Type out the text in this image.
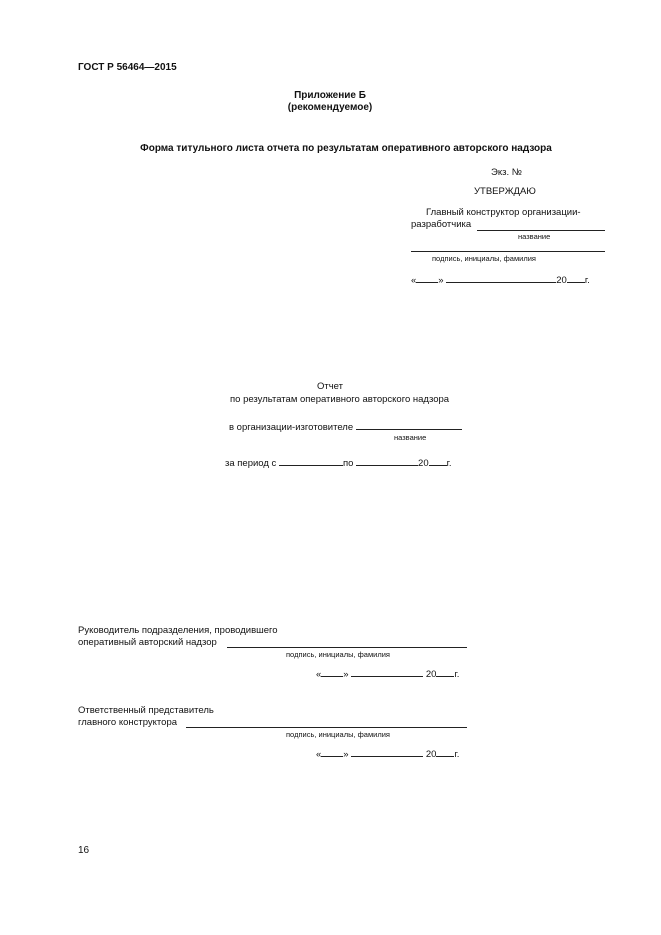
ГОСТ Р 56464—2015
Приложение Б
(рекомендуемое)
Форма титульного листа отчета по результатам оперативного авторского надзора
Экз. №
УТВЕРЖДАЮ
Главный конструктор организации-
разработчика
название
подпись, инициалы, фамилия
« »	20 г.
Отчет
по результатам оперативного авторского надзора
в организации-изготовителе
название
за период с	по	20 г.
Руководитель подразделения, проводившего
оперативный авторский надзор
подпись, инициалы, фамилия
« »	20 г.
Ответственный представитель
главного конструктора
подпись, инициалы, фамилия
« »	20 г.
16
